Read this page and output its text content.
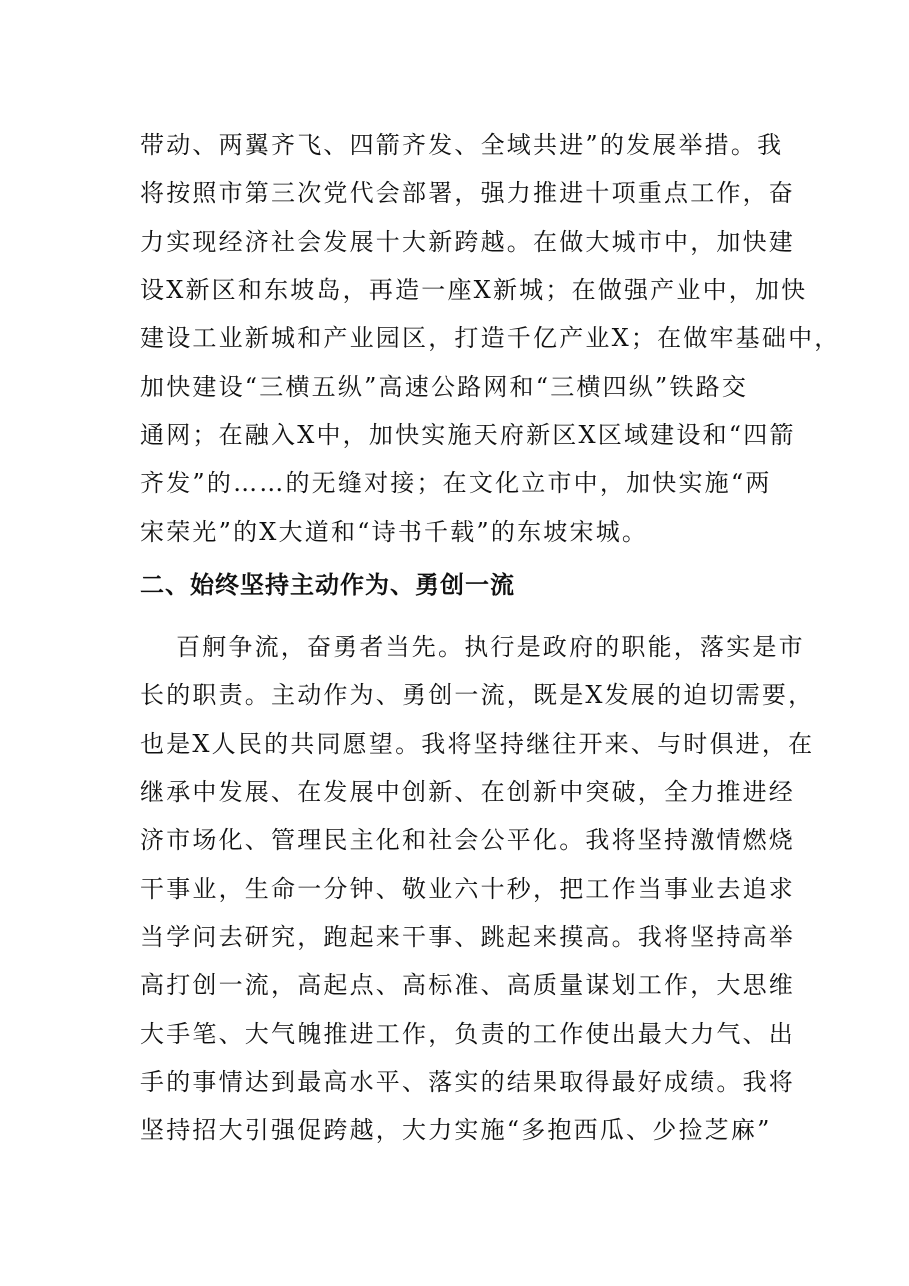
带动、两翼齐飞、四箭齐发、全域共进”的发展举措。我
将按照市第三次党代会部署，强力推进十项重点工作，奋
力实现经济社会发展十大新跨越。在做大城市中，加快建
设X新区和东坡岛，再造一座X新城；在做强产业中，加快
建设工业新城和产业园区，打造千亿产业X；在做牢基础中，
加快建设“三横五纵”高速公路网和“三横四纵”铁路交
通网；在融入X中，加快实施天府新区X区域建设和“四箭
齐发”的……的无缝对接；在文化立市中，加快实施“两
宋荣光”的X大道和“诗书千载”的东坡宋城。
二、始终坚持主动作为、勇创一流
百舸争流，奋勇者当先。执行是政府的职能，落实是市
长的职责。主动作为、勇创一流，既是X发展的迫切需要，
也是X人民的共同愿望。我将坚持继往开来、与时俱进，在
继承中发展、在发展中创新、在创新中突破，全力推进经
济市场化、管理民主化和社会公平化。我将坚持激情燃烧
干事业，生命一分钟、敬业六十秒，把工作当事业去追求
当学问去研究，跑起来干事、跳起来摸高。我将坚持高举
高打创一流，高起点、高标准、高质量谋划工作，大思维
大手笔、大气魄推进工作，负责的工作使出最大力气、出
手的事情达到最高水平、落实的结果取得最好成绩。我将
坚持招大引强促跨越，大力实施“多抱西瓜、少捡芝麻”
